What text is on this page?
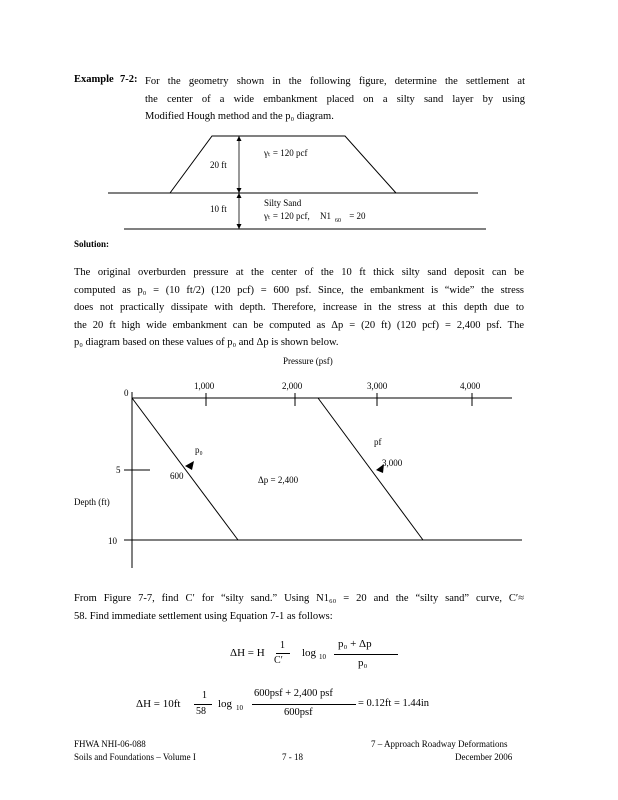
Example 7-2: For the geometry shown in the following figure, determine the settlement at
the center of a wide embankment placed on a silty sand layer by using
Modified Hough method and the p₀ diagram.
20 ft
γₜ = 120 pcf
10 ft
Silty Sand
γₜ = 120 pcf, N1 $_{60}$ = 20
Solution:
The original overburden pressure at the center of the 10 ft thick silty sand deposit can be
computed as p₀ = (10 ft/2) (120 pcf) = 600 psf. Since, the embankment is “wide” the stress
does not practically dissipate with depth. Therefore, increase in the stress at this depth due to
the 20 ft high wide embankment can be computed as Δp = (20 ft) (120 pcf) = 2,400 psf. The
p₀ diagram based on these values of p₀ and Δp is shown below.
Pressure (psf)
0
1,000	2,000	3,000	4,000
5
10
Depth (ft)
p₀
pf
600
3,000
Δp = 2,400
From Figure 7-7, find C′ for “silty sand.” Using N1₆₀ = 20 and the “silty sand” curve, C′≈
58. Find immediate settlement using Equation 7-1 as follows:
ΔH = H
1
C′
log 10
p₀ + Δp
p₀
ΔH = 10ft
1
58
log 10
600psf + 2,400 psf
600psf
= 0.12ft = 1.44in
FHWA NHI-06-088
Soils and Foundations – Volume I	7 - 18
7 – Approach Roadway Deformations
December 2006
